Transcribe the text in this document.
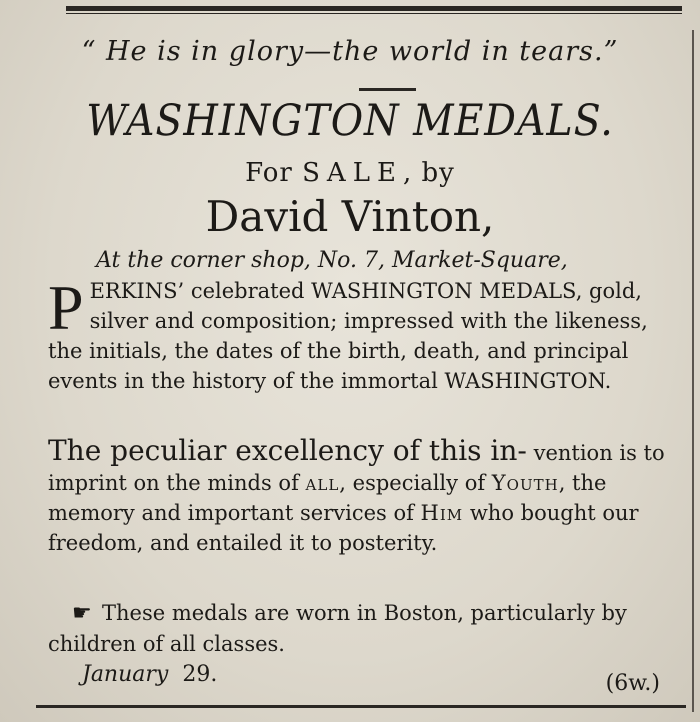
“ He is in glory—the world in tears.”
WASHINGTON MEDALS.
For SALE, by
David Vinton,
At the corner shop, No. 7, Market-Square,
PERKINS’ celebrated WASHINGTON MEDALS, gold, silver and composition; impressed with the likeness, the initials, the dates of the birth, death, and principal events in the history of the immortal WASHINGTON.
The peculiar excellency of this in- vention is to imprint on the minds of all, especially of Youth, the memory and important services of Him who bought our freedom, and entailed it to posterity.
☛ These medals are worn in Boston, particularly by children of all classes.
January 29.	(6w.)
